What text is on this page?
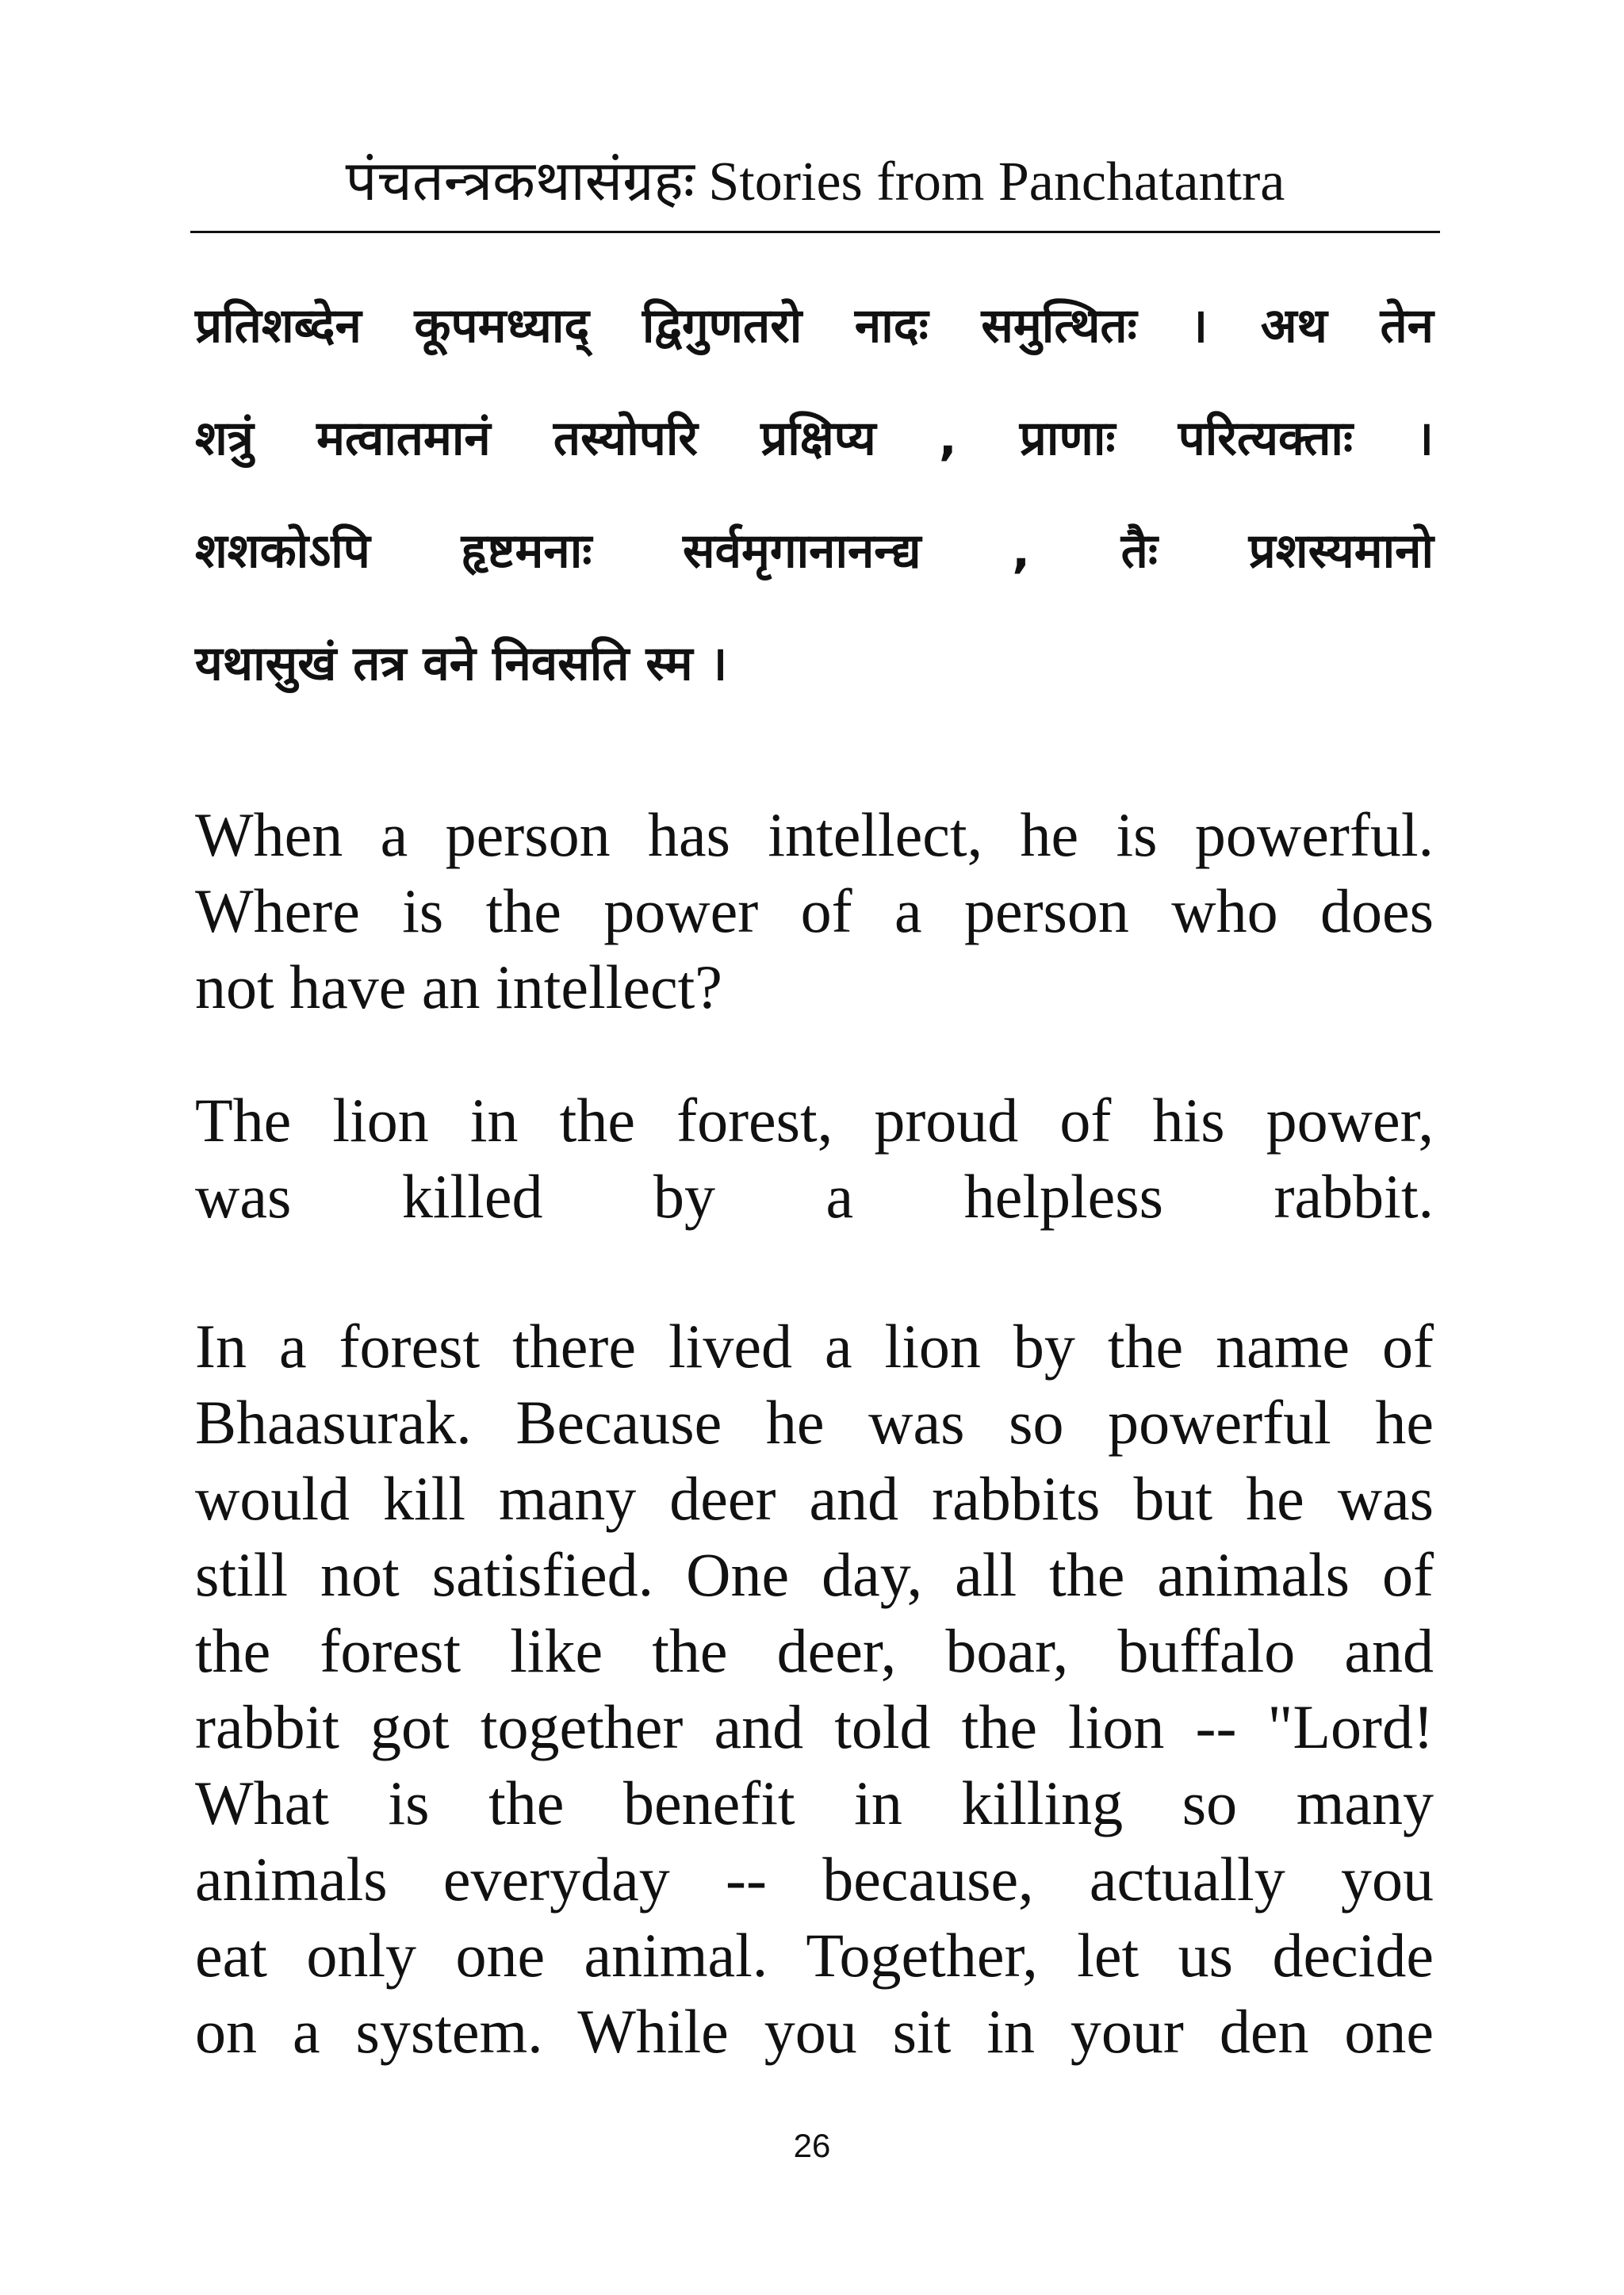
पंचतन्त्रकथासंग्रहः Stories from Panchatantra
प्रतिशब्देन कूपमध्याद् द्विगुणतरो नादः समुत्थितः । अथ तेन
शत्रुं मत्वातमानं तस्योपरि प्रक्षिप्य , प्राणाः परित्यक्ताः ।
शशकोऽपि हृष्टमनाः सर्वमृगानानन्द्य , तैः प्रशस्यमानो
यथासुखं तत्र वने निवसति स्म ।
When a person has intellect, he is powerful.
Where is the power of a person who does
not have an intellect?
The lion in the forest, proud of his power,
was killed by a helpless rabbit.
In a forest there lived a lion by the name of
Bhaasurak. Because he was so powerful he
would kill many deer and rabbits but he was
still not satisfied. One day, all the animals of
the forest like the deer, boar, buffalo and
rabbit got together and told the lion -- "Lord!
What is the benefit in killing so many
animals everyday -- because, actually you
eat only one animal. Together, let us decide
on a system. While you sit in your den one
26
